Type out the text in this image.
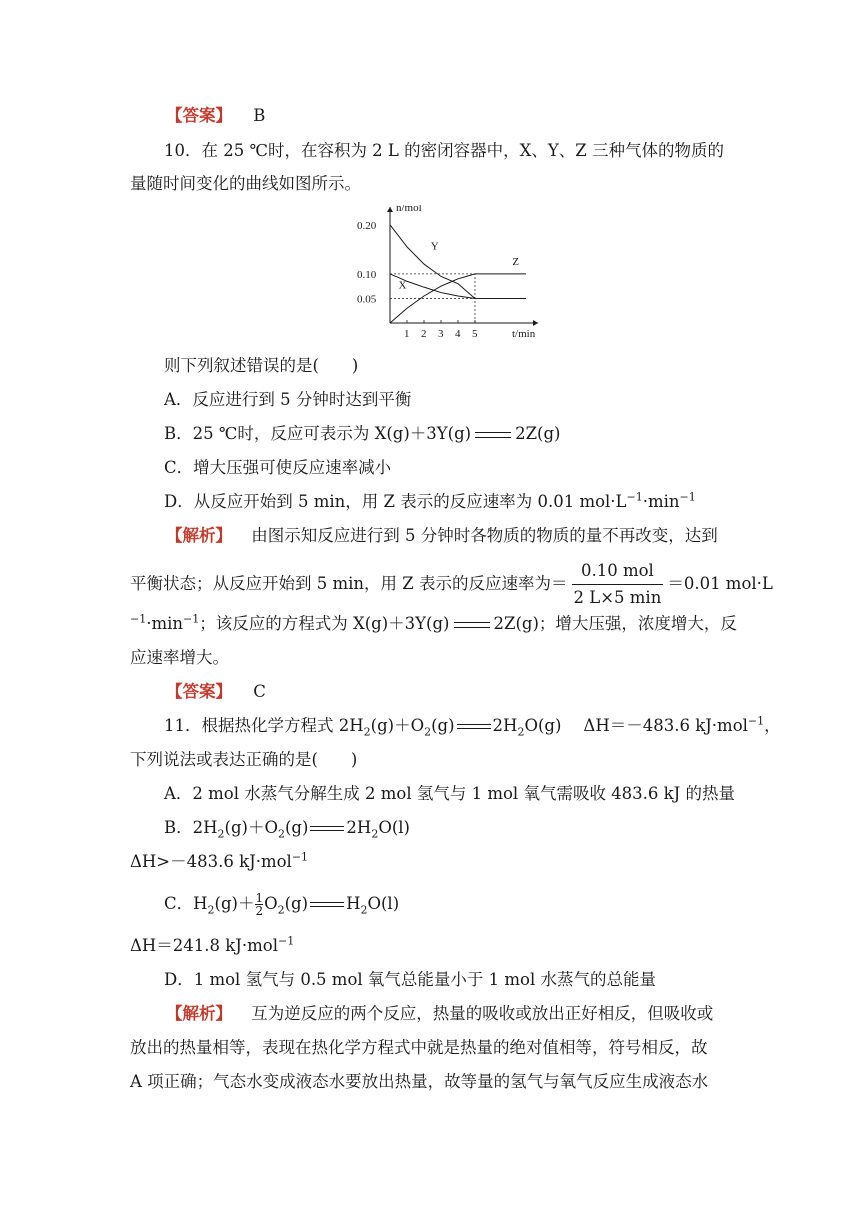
【答案】 B
10．在 25 ℃时，在容积为 2 L 的密闭容器中，X、Y、Z 三种气体的物质的
量随时间变化的曲线如图所示。
n/mol
t/min
1 2 3 4 5
0.05
0.10
0.20
Y
X
Z
则下列叙述错误的是(　　)
A．反应进行到 5 分钟时达到平衡
B．25 ℃时，反应可表示为 X(g)＋3Y(g)	2Z(g)
C．增大压强可使反应速率减小
D．从反应开始到 5 min，用 Z 表示的反应速率为 0.01 $mol\cdot L^{-1}\cdot\min^{-1}$
【解析】 由图示知反应进行到 5 分钟时各物质的物质的量不再改变，达到
平衡状态；从反应开始到 5 min，用 Z 表示的反应速率为＝ $\frac{\text{0.10 mol}}{2 L\times 5 \min} =0.01$ mol·L
$^{-1}\cdot\min^{-1}$；该反应的方程式为 X(g)＋3Y(g)	2Z(g)；增大压强，浓度增大，反
应速率增大。
【答案】 C
11．根据热化学方程式 $2H_2(g)+O_2(g)$ $2H_2O(g)$ ΔH＝－483.6 kJ·mol$^{-1}$，
下列说法或表达正确的是(　　)
A．2 mol 水蒸气分解生成 2 mol 氢气与 1 mol 氧气需吸收 483.6 kJ 的热量
B．$2H_2(g)+O_2(g)$ $2H_2O(l)$
ΔH>－483.6 kJ·mol$^{-1}$
C．$H_2(g)+ \frac{1}{2} O_2(g)$ $H_2O(l)$
ΔH＝241.8 kJ·mol$^{-1}$
D．1 mol 氢气与 0.5 mol 氧气总能量小于 1 mol 水蒸气的总能量
【解析】 互为逆反应的两个反应，热量的吸收或放出正好相反，但吸收或
放出的热量相等，表现在热化学方程式中就是热量的绝对值相等，符号相反，故
A 项正确；气态水变成液态水要放出热量，故等量的氢气与氧气反应生成液态水
